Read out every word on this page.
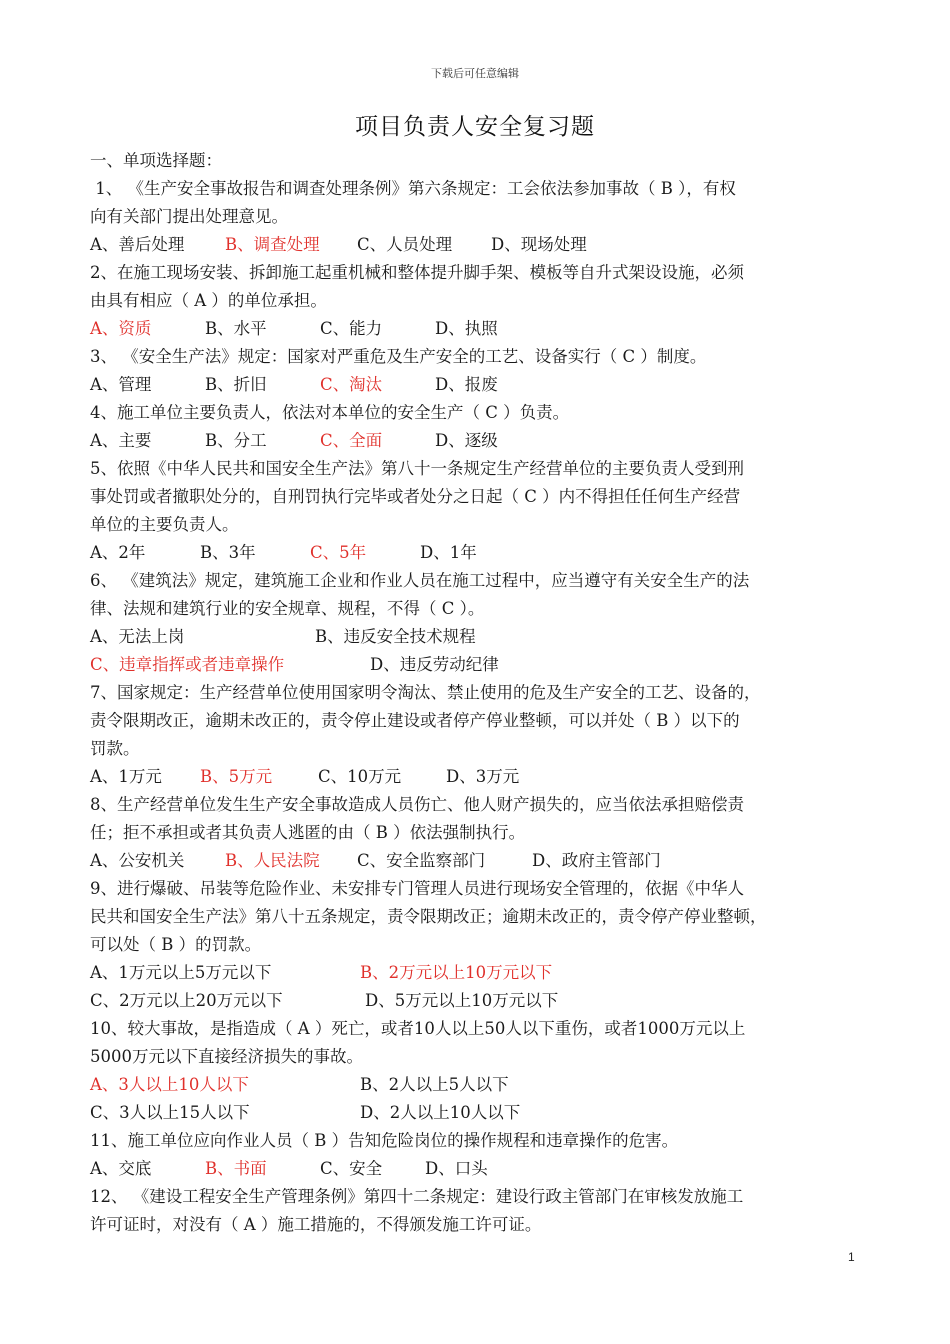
下载后可任意编辑
项目负责人安全复习题
一、单项选择题：
1、 《生产安全事故报告和调查处理条例》第六条规定：工会依法参加事故（ B ），有权
向有关部门提出处理意见。
A、善后处理	B、调查处理	C、人员处理	D、现场处理
2、在施工现场安装、拆卸施工起重机械和整体提升脚手架、模板等自升式架设设施，必须
由具有相应（ A ）的单位承担。
A、资质	B、水平	C、能力	D、执照
3、 《安全生产法》规定：国家对严重危及生产安全的工艺、设备实行（ C ）制度。
A、管理	B、折旧	C、淘汰	D、报废
4、施工单位主要负责人，依法对本单位的安全生产（ C ）负责。
A、主要	B、分工	C、全面	D、逐级
5、依照《中华人民共和国安全生产法》第八十一条规定生产经营单位的主要负责人受到刑
事处罚或者撤职处分的，自刑罚执行完毕或者处分之日起（ C ）内不得担任任何生产经营
单位的主要负责人。
A、2年	B、3年	C、5年	D、1年
6、 《建筑法》规定，建筑施工企业和作业人员在施工过程中，应当遵守有关安全生产的法
律、法规和建筑行业的安全规章、规程，不得（ C ）。
A、无法上岗	B、违反安全技术规程
C、违章指挥或者违章操作	D、违反劳动纪律
7、国家规定：生产经营单位使用国家明令淘汰、禁止使用的危及生产安全的工艺、设备的，
责令限期改正，逾期未改正的，责令停止建设或者停产停业整顿，可以并处（ B ）以下的
罚款。
A、1万元	B、5万元	C、10万元	D、3万元
8、生产经营单位发生生产安全事故造成人员伤亡、他人财产损失的，应当依法承担赔偿责
任；拒不承担或者其负责人逃匿的由（ B ）依法强制执行。
A、公安机关	B、人民法院	C、安全监察部门	D、政府主管部门
9、进行爆破、吊装等危险作业、未安排专门管理人员进行现场安全管理的，依据《中华人
民共和国安全生产法》第八十五条规定，责令限期改正；逾期未改正的，责令停产停业整顿，
可以处（ B ）的罚款。
A、1万元以上5万元以下	B、2万元以上10万元以下
C、2万元以上20万元以下	D、5万元以上10万元以下
10、较大事故，是指造成（ A ）死亡，或者10人以上50人以下重伤，或者1000万元以上
5000万元以下直接经济损失的事故。
A、3人以上10人以下	B、2人以上5人以下
C、3人以上15人以下	D、2人以上10人以下
11、施工单位应向作业人员（ B ）告知危险岗位的操作规程和违章操作的危害。
A、交底	B、书面	C、安全	D、口头
12、 《建设工程安全生产管理条例》第四十二条规定：建设行政主管部门在审核发放施工
许可证时，对没有（ A ）施工措施的，不得颁发施工许可证。
1
